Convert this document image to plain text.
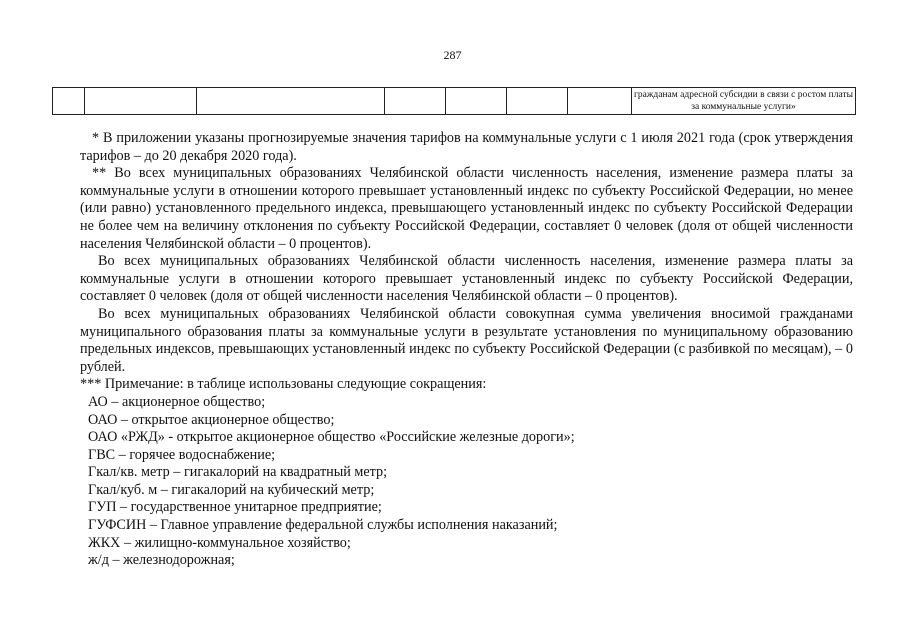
287
							гражданам адресной субсидии в связи с ростом платы за коммунальные услуги»

* В приложении указаны прогнозируемые значения тарифов на коммунальные услуги с 1 июля 2021 года (срок утверждения тарифов – до 20 декабря 2020 года).

** Во всех муниципальных образованиях Челябинской области численность населения, изменение размера платы за коммунальные услуги в отношении которого превышает установленный индекс по субъекту Российской Федерации, но менее (или равно) установленного предельного индекса, превышающего установленный индекс по субъекту Российской Федерации не более чем на величину отклонения по субъекту Российской Федерации, составляет 0 человек (доля от общей численности населения Челябинской области – 0 процентов).

Во всех муниципальных образованиях Челябинской области численность населения, изменение размера платы за коммунальные услуги в отношении которого превышает установленный индекс по субъекту Российской Федерации, составляет 0 человек (доля от общей численности населения Челябинской области – 0 процентов).

Во всех муниципальных образованиях Челябинской области совокупная сумма увеличения вносимой гражданами муниципального образования платы за коммунальные услуги в результате установления по муниципальному образованию предельных индексов, превышающих установленный индекс по субъекту Российской Федерации (с разбивкой по месяцам), – 0 рублей.

*** Примечание: в таблице использованы следующие сокращения:

АО – акционерное общество;
ОАО – открытое акционерное общество;
ОАО «РЖД» - открытое акционерное общество «Российские железные дороги»;
ГВС – горячее водоснабжение;
Гкал/кв. метр – гигакалорий на квадратный метр;
Гкал/куб. м – гигакалорий на кубический метр;
ГУП – государственное унитарное предприятие;
ГУФСИН – Главное управление федеральной службы исполнения наказаний;
ЖКХ – жилищно-коммунальное хозяйство;
ж/д – железнодорожная;
